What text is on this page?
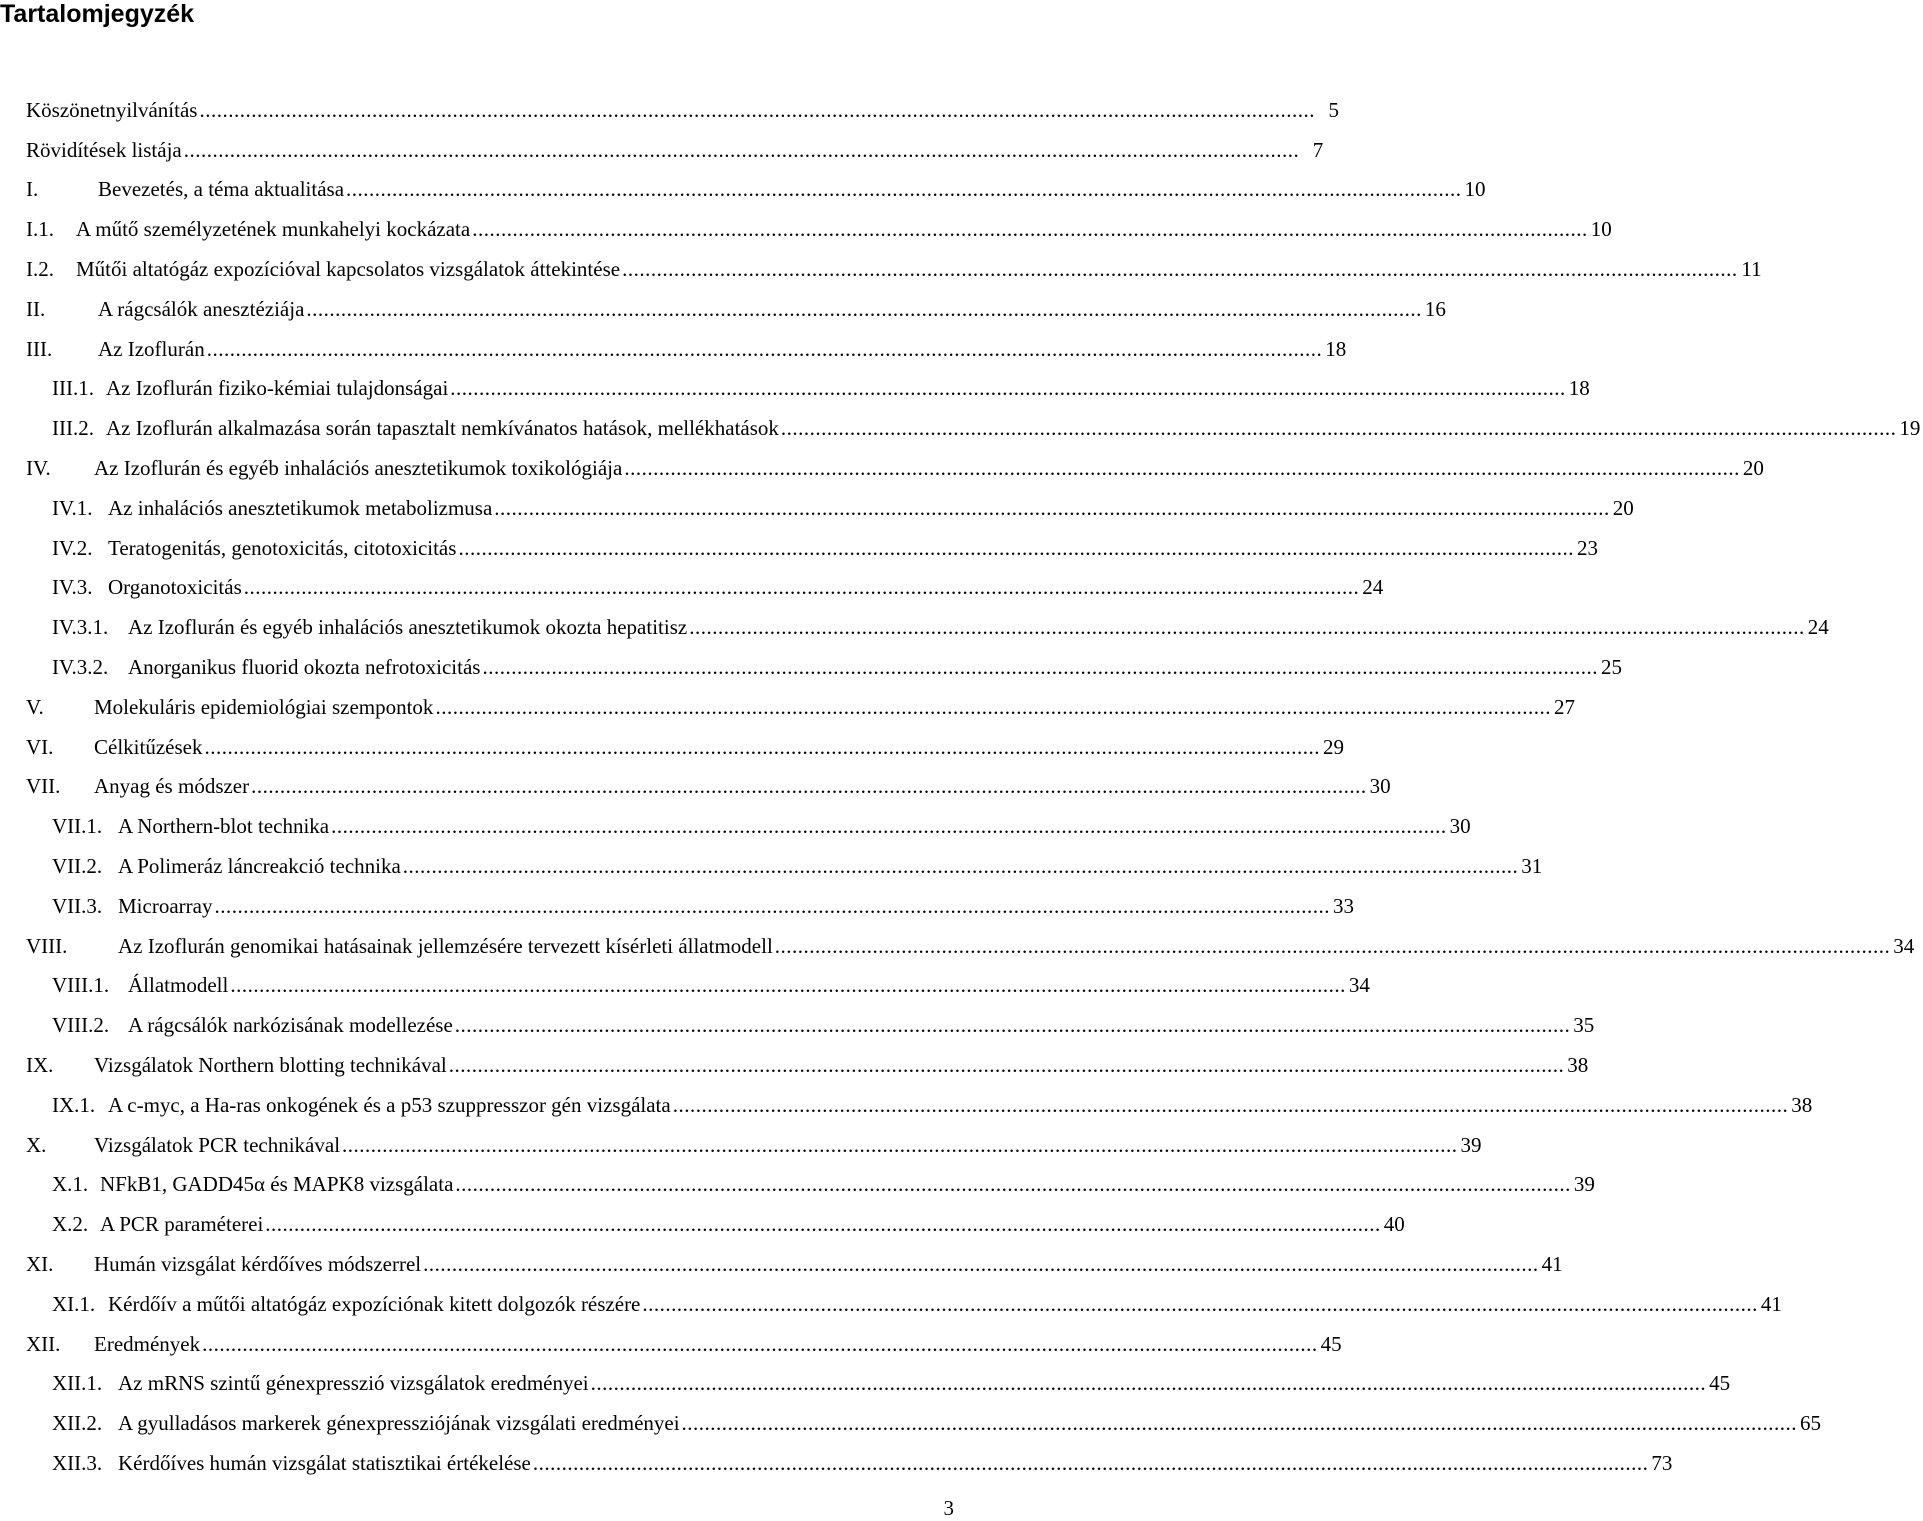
Tartalomjegyzék
Köszönetnyilvánítás .....	5
Rövidítések listája .....	7
I.	Bevezetés, a téma aktualitása .....	10
I.1.	A műtő személyzetének munkahelyi kockázata .....	10
I.2.	Műtői altatógáz expozícióval kapcsolatos vizsgálatok áttekintése .....	11
II.	A rágcsálók anesztéziája .....	16
III.	Az Izoflurán .....	18
III.1. Az Izoflurán fiziko-kémiai tulajdonságai .....	18
III.2. Az Izoflurán alkalmazása során tapasztalt nemkívánatos hatások, mellékhatások .....	19
IV.	Az Izoflurán és egyéb inhalációs anesztetikumok toxikológiája .....	20
IV.1. Az inhalációs anesztetikumok metabolizmusa .....	20
IV.2. Teratogenitás, genotoxicitás, citotoxicitás .....	23
IV.3. Organotoxicitás .....	24
IV.3.1. Az Izoflurán és egyéb inhalációs anesztetikumok okozta hepatitisz .....	24
IV.3.2. Anorganikus fluorid okozta nefrotoxicitás .....	25
V.	Molekuláris epidemiológiai szempontok .....	27
VI.	Célkitűzések .....	29
VII.	Anyag és módszer .....	30
VII.1. A Northern-blot technika .....	30
VII.2. A Polimeráz láncreakció technika .....	31
VII.3. Microarray .....	33
VIII.	Az Izoflurán genomikai hatásainak jellemzésére tervezett kísérleti állatmodell .....	34
VIII.1. Állatmodell .....	34
VIII.2. A rágcsálók narkózisának modellezése .....	35
IX.	Vizsgálatok Northern blotting technikával .....	38
IX.1. A c-myc, a Ha-ras onkogének és a p53 szuppresszor gén vizsgálata .....	38
X.	Vizsgálatok PCR technikával .....	39
X.1. NFkB1, GADD45α és MAPK8 vizsgálata .....	39
X.2. A PCR paraméterei .....	40
XI.	Humán vizsgálat kérdőíves módszerrel .....	41
XI.1. Kérdőív a műtői altatógáz expozíciónak kitett dolgozók részére .....	41
XII.	Eredmények .....	45
XII.1. Az mRNS szintű génexpresszió vizsgálatok eredményei .....	45
XII.2. A gyulladásos markerek génexpressziójának vizsgálati eredményei .....	65
XII.3. Kérdőíves humán vizsgálat statisztikai értékelése .....	73
3
